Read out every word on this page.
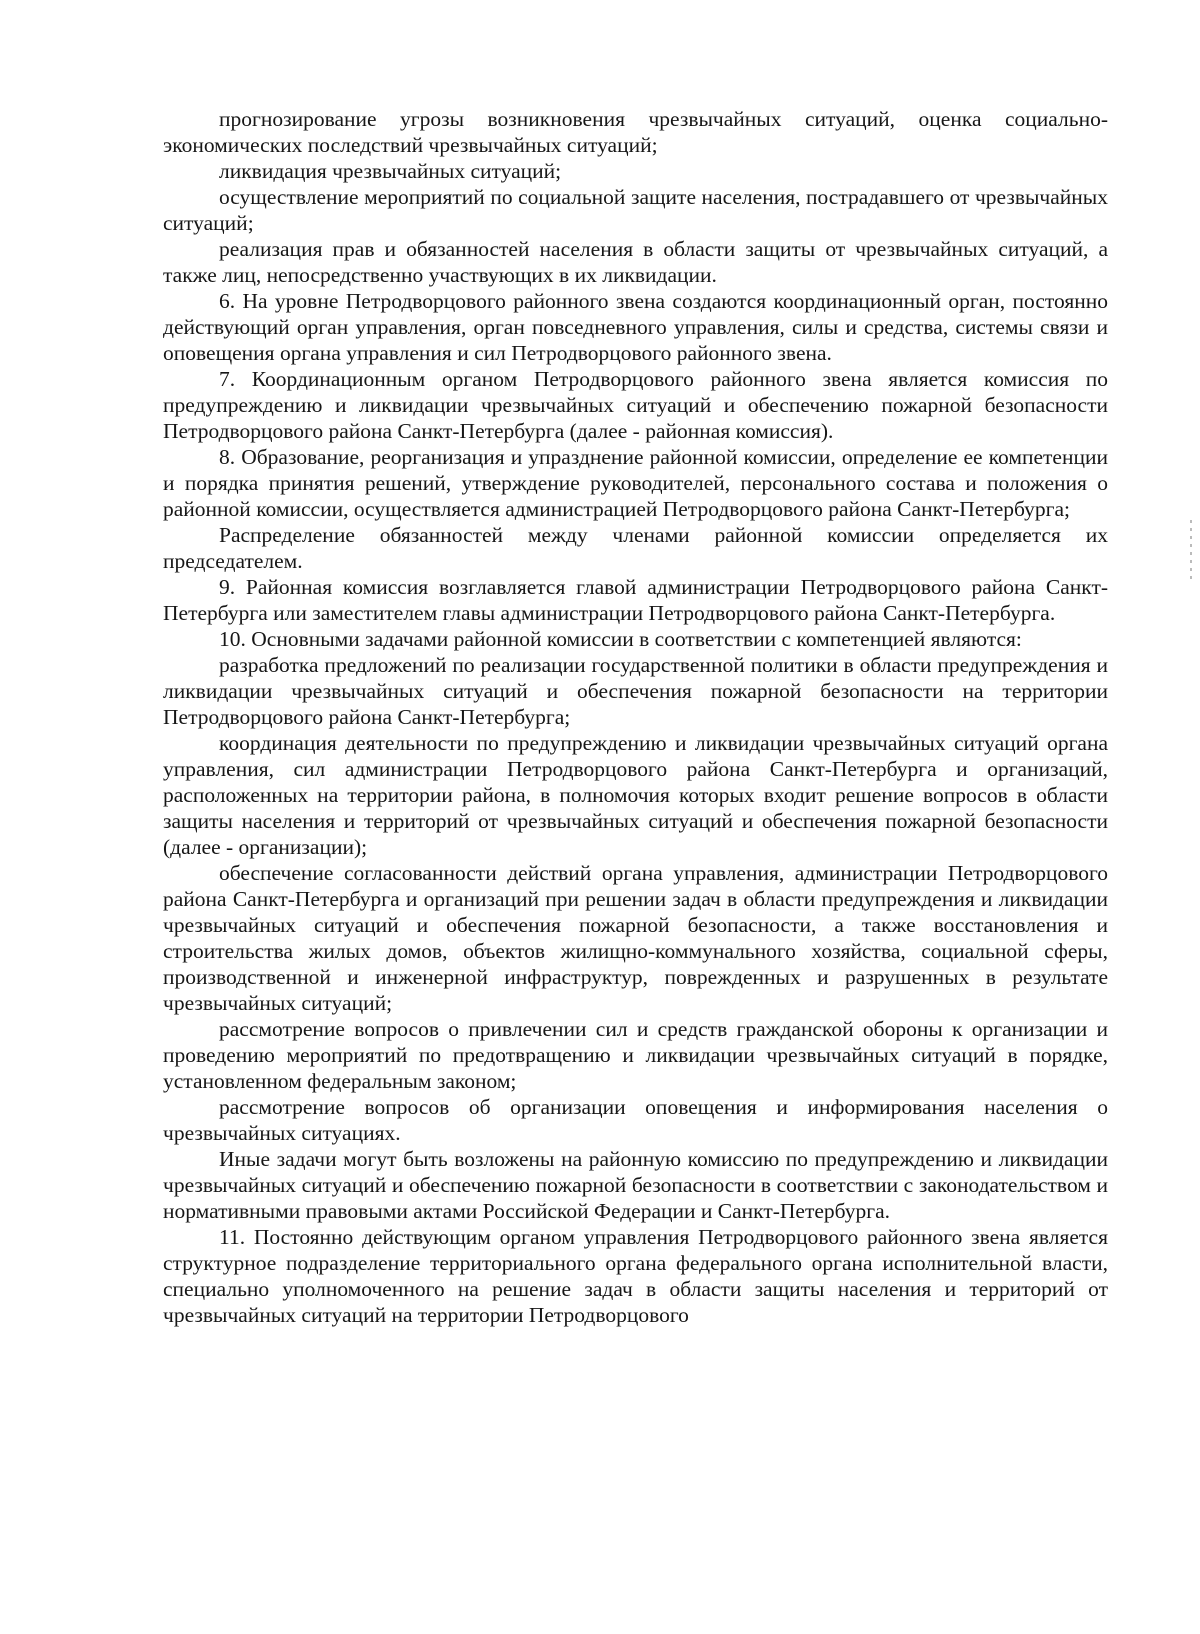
прогнозирование угрозы возникновения чрезвычайных ситуаций, оценка социально-экономических последствий чрезвычайных ситуаций;

ликвидация чрезвычайных ситуаций;

осуществление мероприятий по социальной защите населения, пострадавшего от чрезвычайных ситуаций;

реализация прав и обязанностей населения в области защиты от чрезвычайных ситуаций, а также лиц, непосредственно участвующих в их ликвидации.

6. На уровне Петродворцового районного звена создаются координационный орган, постоянно действующий орган управления, орган повседневного управления, силы и средства, системы связи и оповещения органа управления и сил Петродворцового районного звена.

7. Координационным органом Петродворцового районного звена является комиссия по предупреждению и ликвидации чрезвычайных ситуаций и обеспечению пожарной безопасности Петродворцового района Санкт-Петербурга (далее - районная комиссия).

8. Образование, реорганизация и упразднение районной комиссии, определение ее компетенции и порядка принятия решений, утверждение руководителей, персонального состава и положения о районной комиссии, осуществляется администрацией Петродворцового района Санкт-Петербурга;

Распределение обязанностей между членами районной комиссии определяется их председателем.

9. Районная комиссия возглавляется главой администрации Петродворцового района Санкт-Петербурга или заместителем главы администрации Петродворцового района Санкт-Петербурга.

10. Основными задачами районной комиссии в соответствии с компетенцией являются:

разработка предложений по реализации государственной политики в области предупреждения и ликвидации чрезвычайных ситуаций и обеспечения пожарной безопасности на территории Петродворцового района Санкт-Петербурга;

координация деятельности по предупреждению и ликвидации чрезвычайных ситуаций органа управления, сил администрации Петродворцового района Санкт-Петербурга и организаций, расположенных на территории района, в полномочия которых входит решение вопросов в области защиты населения и территорий от чрезвычайных ситуаций и обеспечения пожарной безопасности (далее - организации);

обеспечение согласованности действий органа управления, администрации Петродворцового района Санкт-Петербурга и организаций при решении задач в области предупреждения и ликвидации чрезвычайных ситуаций и обеспечения пожарной безопасности, а также восстановления и строительства жилых домов, объектов жилищно-коммунального хозяйства, социальной сферы, производственной и инженерной инфраструктур, поврежденных и разрушенных в результате чрезвычайных ситуаций;

рассмотрение вопросов о привлечении сил и средств гражданской обороны к организации и проведению мероприятий по предотвращению и ликвидации чрезвычайных ситуаций в порядке, установленном федеральным законом;

рассмотрение вопросов об организации оповещения и информирования населения о чрезвычайных ситуациях.

Иные задачи могут быть возложены на районную комиссию по предупреждению и ликвидации чрезвычайных ситуаций и обеспечению пожарной безопасности в соответствии с законодательством и нормативными правовыми актами Российской Федерации и Санкт-Петербурга.

11. Постоянно действующим органом управления Петродворцового районного звена является структурное подразделение территориального органа федерального органа исполнительной власти, специально уполномоченного на решение задач в области защиты населения и территорий от чрезвычайных ситуаций на территории Петродворцового
